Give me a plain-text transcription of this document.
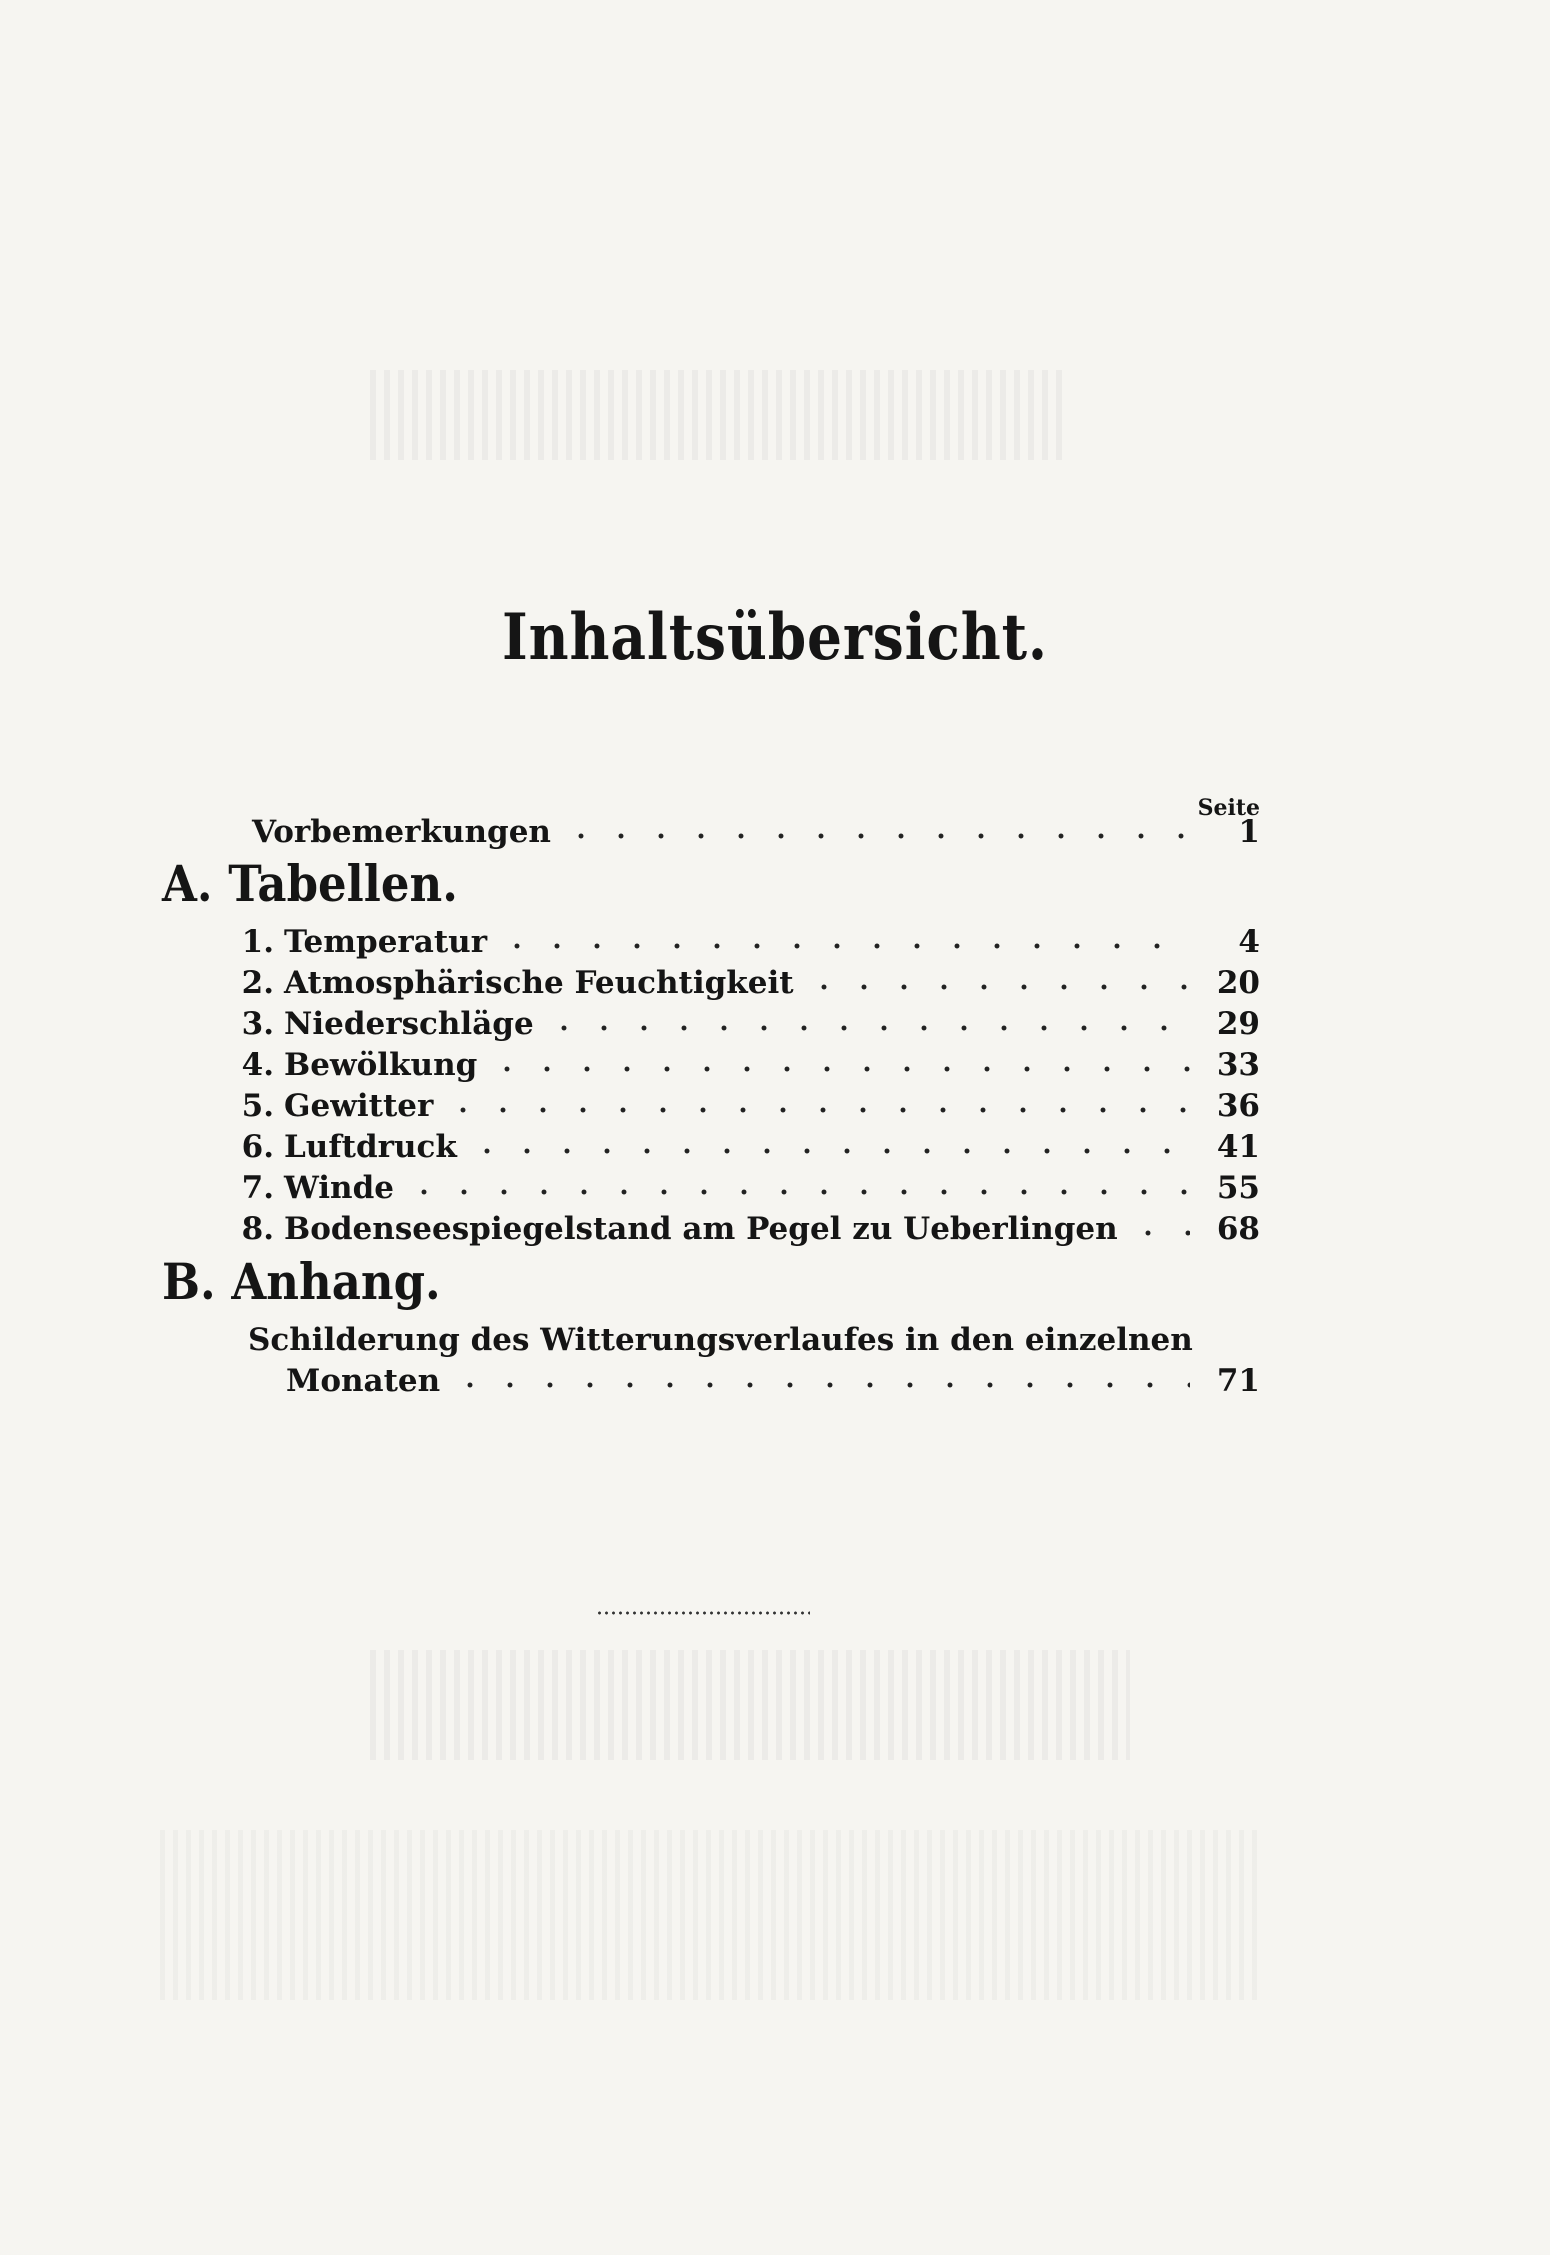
Inhaltsübersicht.
Seite
Vorbemerkungen	1
A. Tabellen.
1. Temperatur	4
2. Atmosphärische Feuchtigkeit	20
3. Niederschläge	29
4. Bewölkung	33
5. Gewitter	36
6. Luftdruck	41
7. Winde	55
8. Bodenseespiegelstand am Pegel zu Ueberlingen	68
B. Anhang.
Schilderung des Witterungsverlaufes in den einzelnen
Monaten	71
